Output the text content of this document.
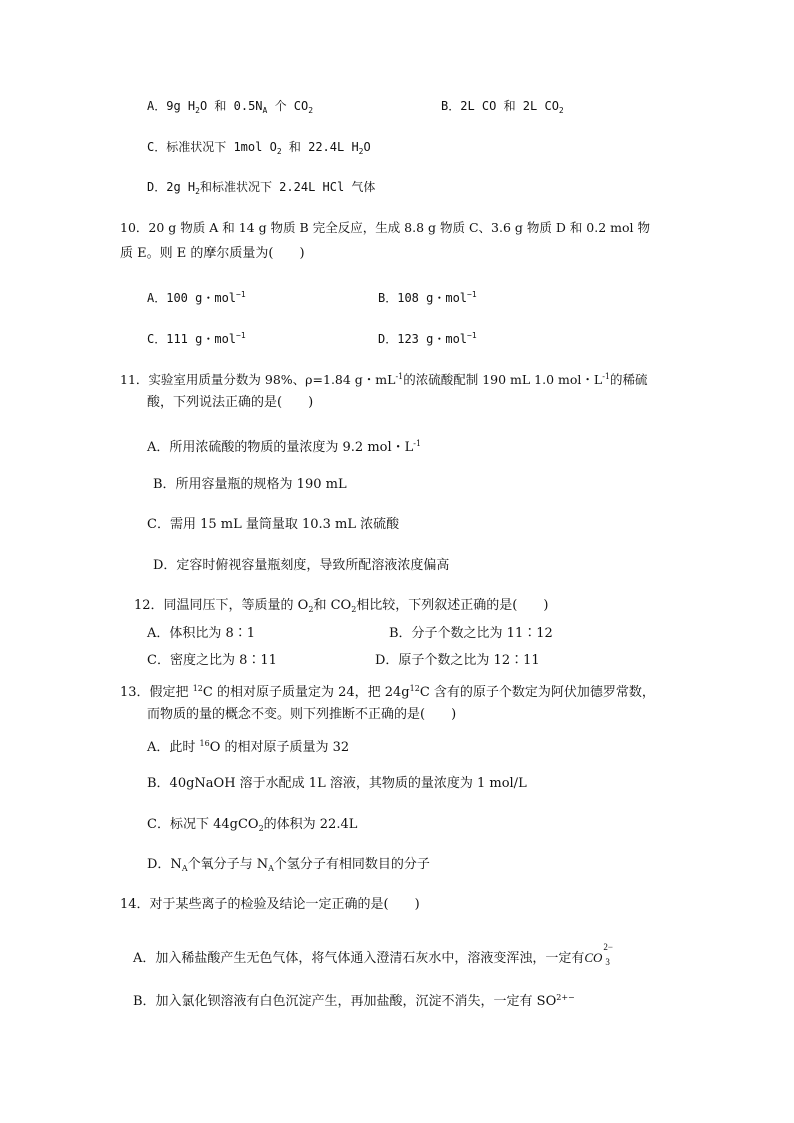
A．9g $H_2O$ 和 $0.5N_A$ 个 $CO_2$	B．2L CO 和 2L $CO_2$
C．标准状况下 1mol $O_2$ 和 22.4L $H_2O$
D．2g $H_2$和标准状况下 2.24L HCl 气体
10．20 g 物质 A 和 14 g 物质 B 完全反应，生成 8.8 g 物质 C、3.6 g 物质 D 和 0.2 mol 物
质 E。则 E 的摩尔质量为(　　)
A．100 g・mol$^{-1}$	B．108 g・mol$^{-1}$
C．111 g・mol$^{-1}$	D．123 g・mol$^{-1}$
11．实验室用质量分数为 98%、ρ=1.84 g・$mL^{-1}$的浓硫酸配制 190 mL 1.0 mol・$L^{-1}$的稀硫
酸，下列说法正确的是(　　)
A．所用浓硫酸的物质的量浓度为 9.2 mol・$L^{-1}$
B．所用容量瓶的规格为 190 mL
C．需用 15 mL 量筒量取 10.3 mL 浓硫酸
D．定容时俯视容量瓶刻度，导致所配溶液浓度偏高
12．同温同压下，等质量的 $O_2$和 $CO_2$相比较，下列叙述正确的是(　　)
A．体积比为 8∶1	B．分子个数之比为 11∶12
C．密度之比为 8∶11	D．原子个数之比为 12∶11
13．假定把 $^{12}$C 的相对原子质量定为 24，把 $24g^{12}C$ 含有的原子个数定为阿伏加德罗常数，
而物质的量的概念不变。则下列推断不正确的是(　　)
A．此时 $^{16}$O 的相对原子质量为 32
B．40gNaOH 溶于水配成 1L 溶液，其物质的量浓度为 1 mol/L
C．标况下 44gCO$_2$的体积为 22.4L
D．$N_A$个氧分子与 $N_A$个氢分子有相同数目的分子
14．对于某些离子的检验及结论一定正确的是(　　)
A．加入稀盐酸产生无色气体，将气体通入澄清石灰水中，溶液变浑浊，一定有CO
2−
3
B．加入氯化钡溶液有白色沉淀产生，再加盐酸，沉淀不消失，一定有 $SO^{2+-}$
